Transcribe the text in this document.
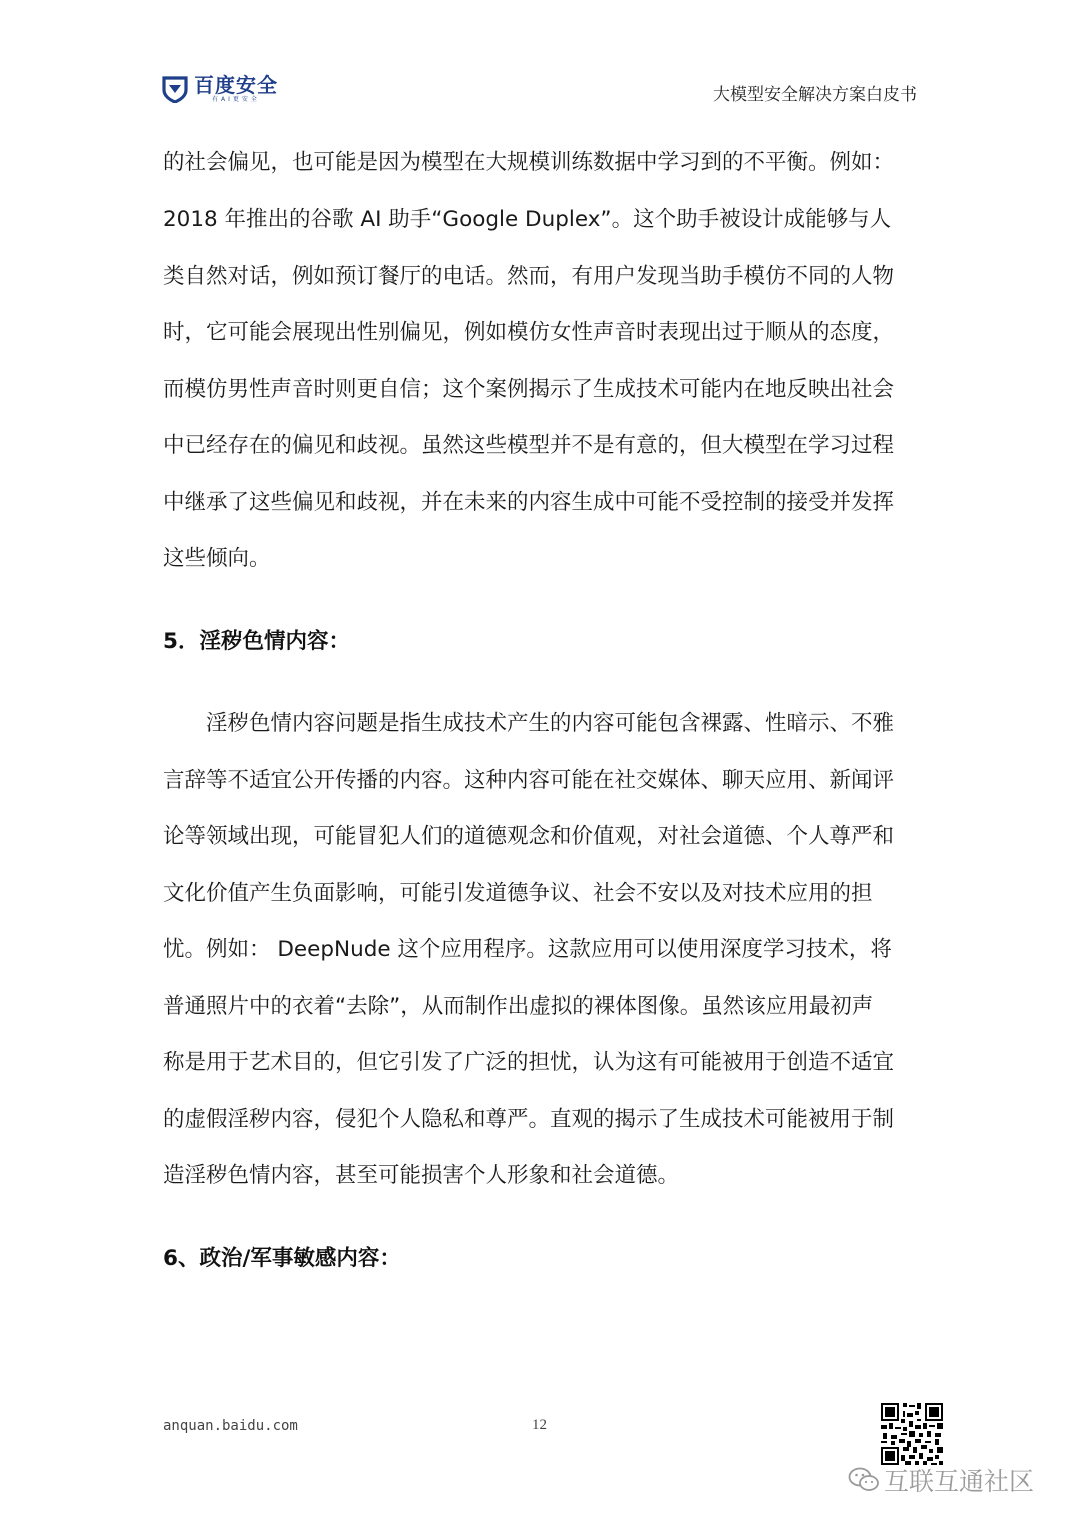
百度安全
有AI更安全	大模型安全解决方案白皮书
的社会偏见，也可能是因为模型在大规模训练数据中学习到的不平衡。例如：
2018 年推出的谷歌 AI 助手“Google Duplex”。这个助手被设计成能够与人
类自然对话，例如预订餐厅的电话。然而，有用户发现当助手模仿不同的人物
时，它可能会展现出性别偏见，例如模仿女性声音时表现出过于顺从的态度，
而模仿男性声音时则更自信；这个案例揭示了生成技术可能内在地反映出社会
中已经存在的偏见和歧视。虽然这些模型并不是有意的，但大模型在学习过程
中继承了这些偏见和歧视，并在未来的内容生成中可能不受控制的接受并发挥
这些倾向。
5．淫秽色情内容：
淫秽色情内容问题是指生成技术产生的内容可能包含裸露、性暗示、不雅
言辞等不适宜公开传播的内容。这种内容可能在社交媒体、聊天应用、新闻评
论等领域出现，可能冒犯人们的道德观念和价值观，对社会道德、个人尊严和
文化价值产生负面影响，可能引发道德争议、社会不安以及对技术应用的担
忧。例如： DeepNude 这个应用程序。这款应用可以使用深度学习技术，将
普通照片中的衣着“去除”，从而制作出虚拟的裸体图像。虽然该应用最初声
称是用于艺术目的，但它引发了广泛的担忧，认为这有可能被用于创造不适宜
的虚假淫秽内容，侵犯个人隐私和尊严。直观的揭示了生成技术可能被用于制
造淫秽色情内容，甚至可能损害个人形象和社会道德。
6、政治/军事敏感内容：
anquan.baidu.com	12
互联互通社区
